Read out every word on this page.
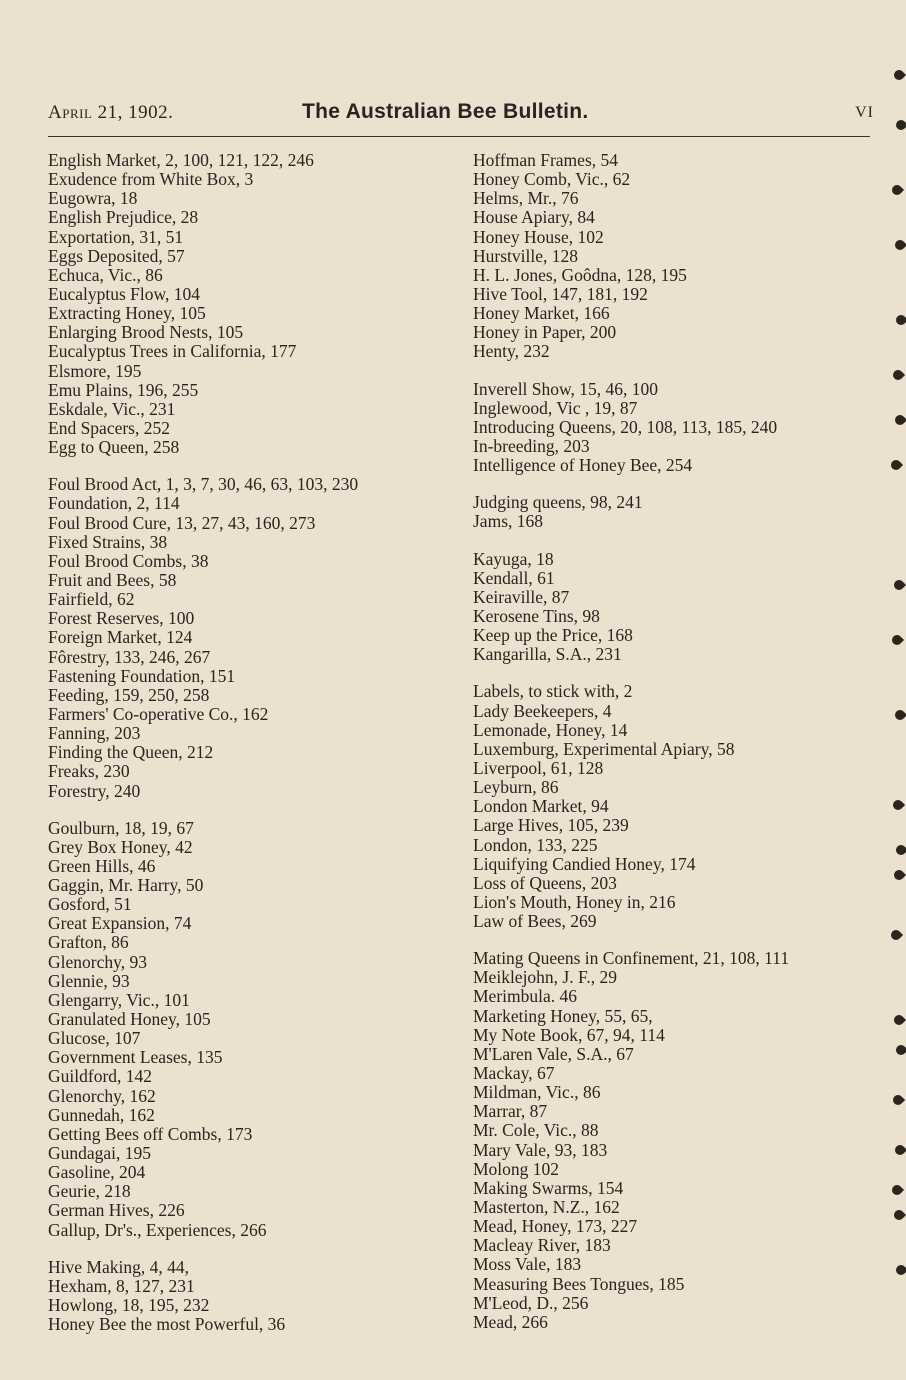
April 21, 1902.	The Australian Bee Bulletin.	VI
English Market, 2, 100, 121, 122, 246
Exudence from White Box, 3
Eugowra, 18
English Prejudice, 28
Exportation, 31, 51
Eggs Deposited, 57
Echuca, Vic., 86
Eucalyptus Flow, 104
Extracting Honey, 105
Enlarging Brood Nests, 105
Eucalyptus Trees in California, 177
Elsmore, 195
Emu Plains, 196, 255
Eskdale, Vic., 231
End Spacers, 252
Egg to Queen, 258
Foul Brood Act, 1, 3, 7, 30, 46, 63, 103, 230
Foundation, 2, 114
Foul Brood Cure, 13, 27, 43, 160, 273
Fixed Strains, 38
Foul Brood Combs, 38
Fruit and Bees, 58
Fairfield, 62
Forest Reserves, 100
Foreign Market, 124
Fôrestry, 133, 246, 267
Fastening Foundation, 151
Feeding, 159, 250, 258
Farmers' Co-operative Co., 162
Fanning, 203
Finding the Queen, 212
Freaks, 230
Forestry, 240
Goulburn, 18, 19, 67
Grey Box Honey, 42
Green Hills, 46
Gaggin, Mr. Harry, 50
Gosford, 51
Great Expansion, 74
Grafton, 86
Glenorchy, 93
Glennie, 93
Glengarry, Vic., 101
Granulated Honey, 105
Glucose, 107
Government Leases, 135
Guildford, 142
Glenorchy, 162
Gunnedah, 162
Getting Bees off Combs, 173
Gundagai, 195
Gasoline, 204
Geurie, 218
German Hives, 226
Gallup, Dr's., Experiences, 266
Hive Making, 4, 44,
Hexham, 8, 127, 231
Howlong, 18, 195, 232
Honey Bee the most Powerful, 36
Hoffman Frames, 54
Honey Comb, Vic., 62
Helms, Mr., 76
House Apiary, 84
Honey House, 102
Hurstville, 128
H. L. Jones, Goôdna, 128, 195
Hive Tool, 147, 181, 192
Honey Market, 166
Honey in Paper, 200
Henty, 232
Inverell Show, 15, 46, 100
Inglewood, Vic , 19, 87
Introducing Queens, 20, 108, 113, 185, 240
In-breeding, 203
Intelligence of Honey Bee, 254
Judging queens, 98, 241
Jams, 168
Kayuga, 18
Kendall, 61
Keiraville, 87
Kerosene Tins, 98
Keep up the Price, 168
Kangarilla, S.A., 231
Labels, to stick with, 2
Lady Beekeepers, 4
Lemonade, Honey, 14
Luxemburg, Experimental Apiary, 58
Liverpool, 61, 128
Leyburn, 86
London Market, 94
Large Hives, 105, 239
London, 133, 225
Liquifying Candied Honey, 174
Loss of Queens, 203
Lion's Mouth, Honey in, 216
Law of Bees, 269
Mating Queens in Confinement, 21, 108, 111
Meiklejohn, J. F., 29
Merimbula. 46
Marketing Honey, 55, 65,
My Note Book, 67, 94, 114
M'Laren Vale, S.A., 67
Mackay, 67
Mildman, Vic., 86
Marrar, 87
Mr. Cole, Vic., 88
Mary Vale, 93, 183
Molong 102
Making Swarms, 154
Masterton, N.Z., 162
Mead, Honey, 173, 227
Macleay River, 183
Moss Vale, 183
Measuring Bees Tongues, 185
M'Leod, D., 256
Mead, 266
